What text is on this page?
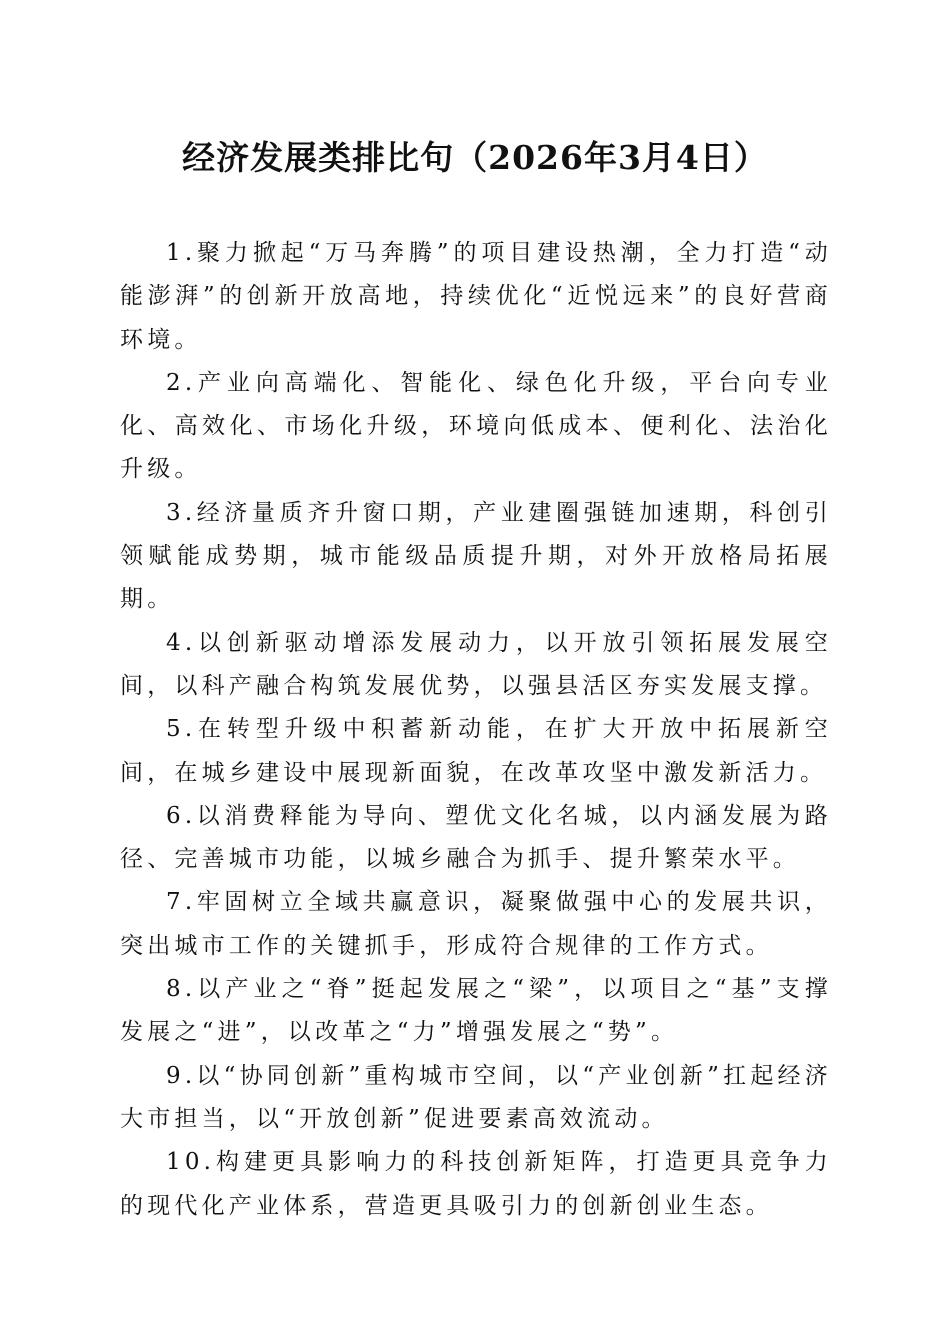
经济发展类排比句（2026年3月4日）

1.聚力掀起“万马奔腾”的项目建设热潮，全力打造“动能澎湃”的创新开放高地，持续优化“近悦远来”的良好营商环境。

2.产业向高端化、智能化、绿色化升级，平台向专业化、高效化、市场化升级，环境向低成本、便利化、法治化升级。

3.经济量质齐升窗口期，产业建圈强链加速期，科创引领赋能成势期，城市能级品质提升期，对外开放格局拓展期。

4.以创新驱动增添发展动力，以开放引领拓展发展空间，以科产融合构筑发展优势，以强县活区夯实发展支撑。

5.在转型升级中积蓄新动能，在扩大开放中拓展新空间，在城乡建设中展现新面貌，在改革攻坚中激发新活力。

6.以消费释能为导向、塑优文化名城，以内涵发展为路径、完善城市功能，以城乡融合为抓手、提升繁荣水平。

7.牢固树立全域共赢意识，凝聚做强中心的发展共识，突出城市工作的关键抓手，形成符合规律的工作方式。

8.以产业之“脊”挺起发展之“梁”，以项目之“基”支撑发展之“进”，以改革之“力”增强发展之“势”。

9.以“协同创新”重构城市空间，以“产业创新”扛起经济大市担当，以“开放创新”促进要素高效流动。

10.构建更具影响力的科技创新矩阵，打造更具竞争力的现代化产业体系，营造更具吸引力的创新创业生态。
